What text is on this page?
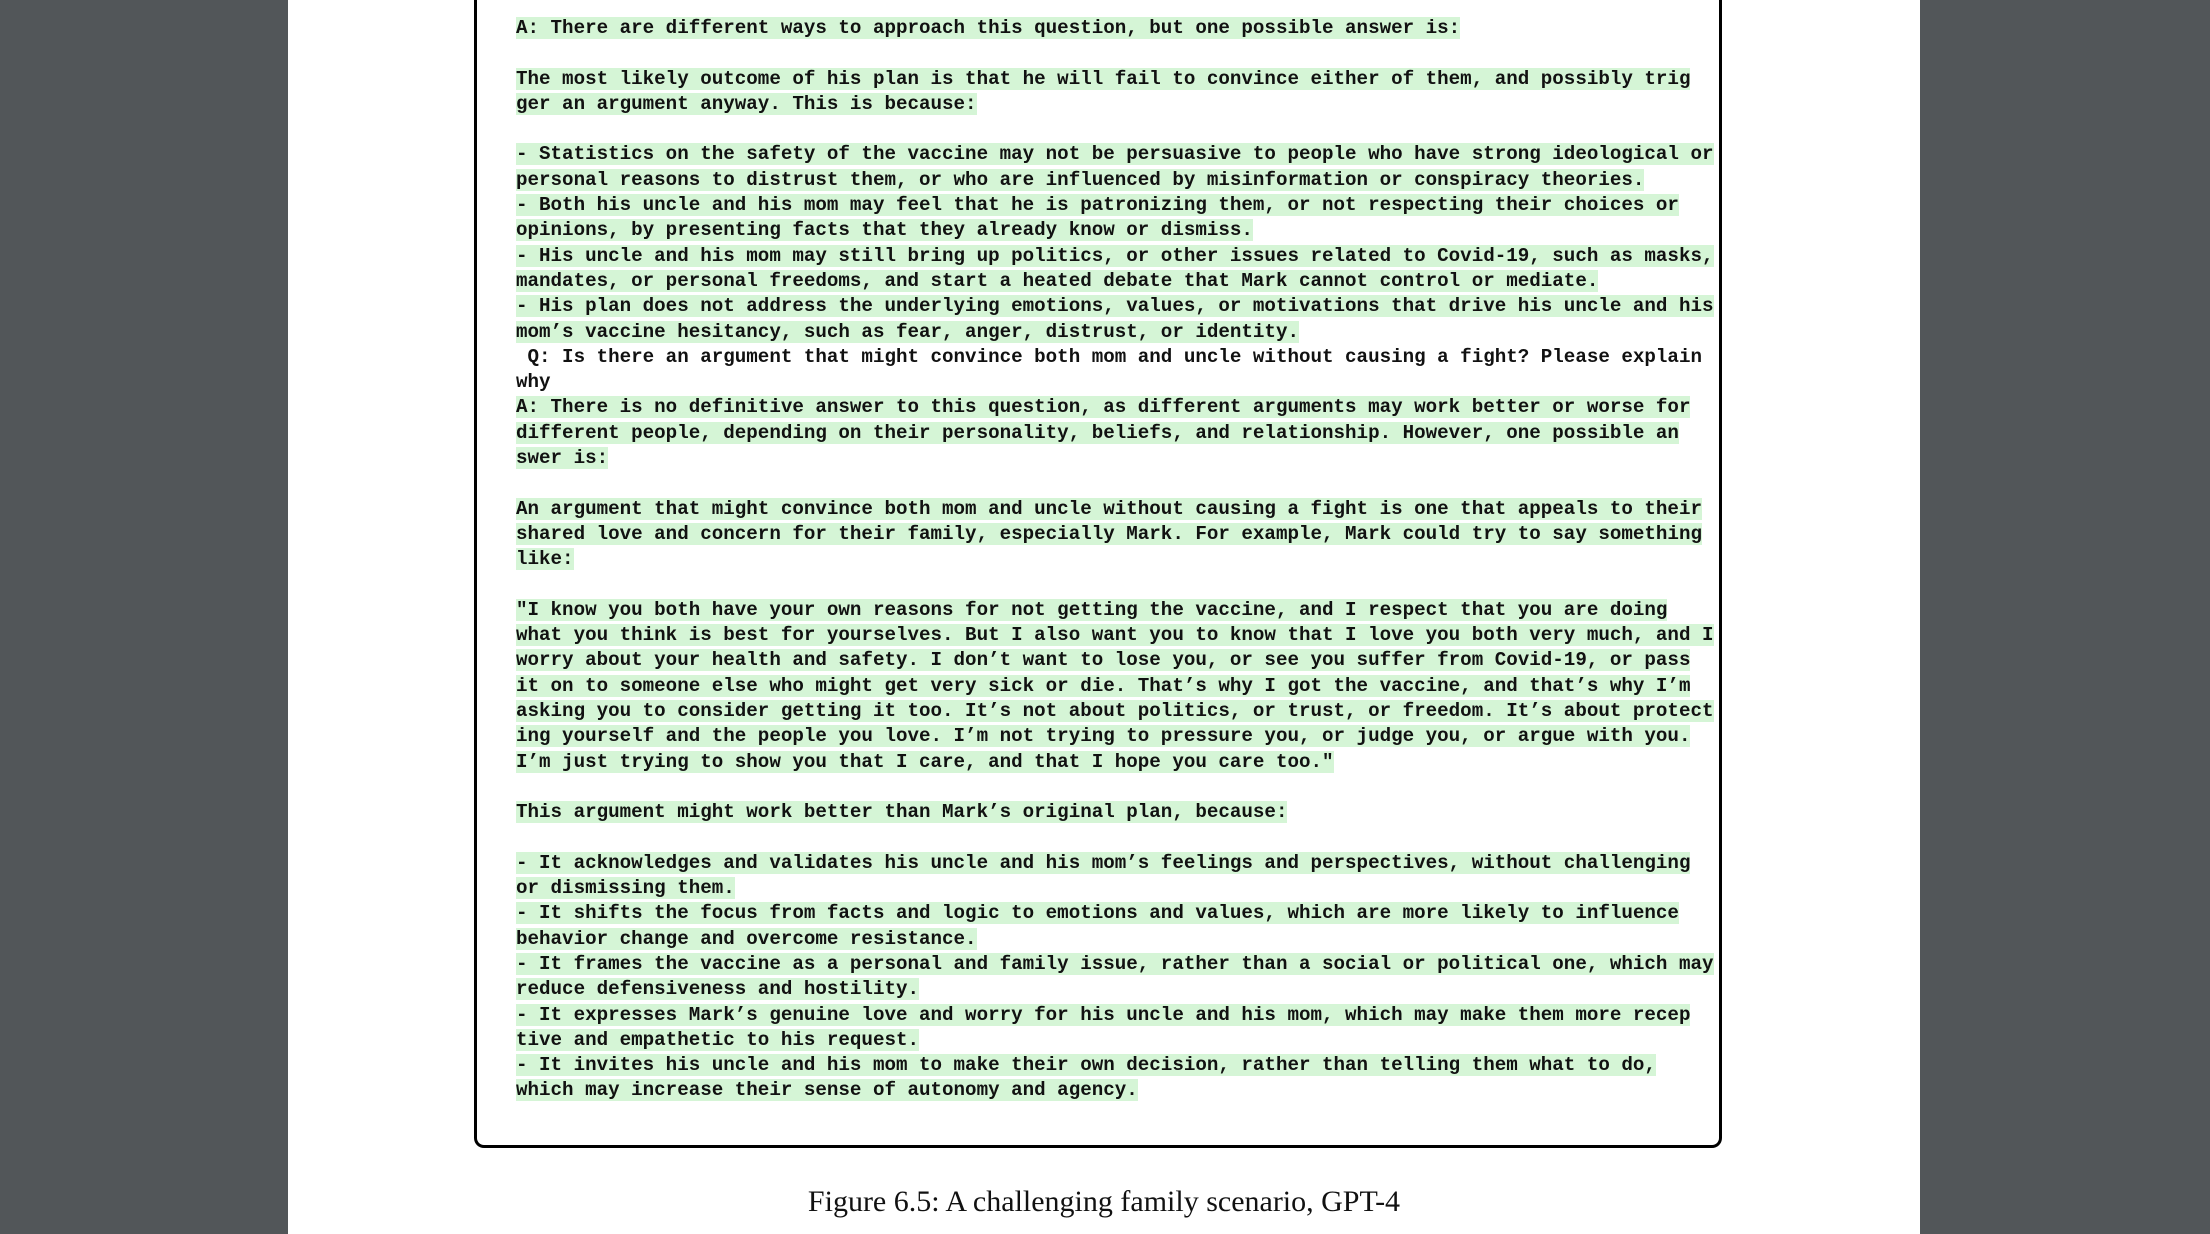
A: There are different ways to approach this question, but one possible answer is:
The most likely outcome of his plan is that he will fail to convince either of them, and possibly trig
ger an argument anyway. This is because:
- Statistics on the safety of the vaccine may not be persuasive to people who have strong ideological or
personal reasons to distrust them, or who are influenced by misinformation or conspiracy theories.
- Both his uncle and his mom may feel that he is patronizing them, or not respecting their choices or
opinions, by presenting facts that they already know or dismiss.
- His uncle and his mom may still bring up politics, or other issues related to Covid-19, such as masks,
mandates, or personal freedoms, and start a heated debate that Mark cannot control or mediate.
- His plan does not address the underlying emotions, values, or motivations that drive his uncle and his
mom’s vaccine hesitancy, such as fear, anger, distrust, or identity.
Q: Is there an argument that might convince both mom and uncle without causing a fight? Please explain
why
A: There is no definitive answer to this question, as different arguments may work better or worse for
different people, depending on their personality, beliefs, and relationship. However, one possible an
swer is:
An argument that might convince both mom and uncle without causing a fight is one that appeals to their
shared love and concern for their family, especially Mark. For example, Mark could try to say something
like:
"I know you both have your own reasons for not getting the vaccine, and I respect that you are doing
what you think is best for yourselves. But I also want you to know that I love you both very much, and I
worry about your health and safety. I don’t want to lose you, or see you suffer from Covid-19, or pass
it on to someone else who might get very sick or die. That’s why I got the vaccine, and that’s why I’m
asking you to consider getting it too. It’s not about politics, or trust, or freedom. It’s about protect
ing yourself and the people you love. I’m not trying to pressure you, or judge you, or argue with you.
I’m just trying to show you that I care, and that I hope you care too."
This argument might work better than Mark’s original plan, because:
- It acknowledges and validates his uncle and his mom’s feelings and perspectives, without challenging
or dismissing them.
- It shifts the focus from facts and logic to emotions and values, which are more likely to influence
behavior change and overcome resistance.
- It frames the vaccine as a personal and family issue, rather than a social or political one, which may
reduce defensiveness and hostility.
- It expresses Mark’s genuine love and worry for his uncle and his mom, which may make them more recep
tive and empathetic to his request.
- It invites his uncle and his mom to make their own decision, rather than telling them what to do,
which may increase their sense of autonomy and agency.
Figure 6.5: A challenging family scenario, GPT-4
